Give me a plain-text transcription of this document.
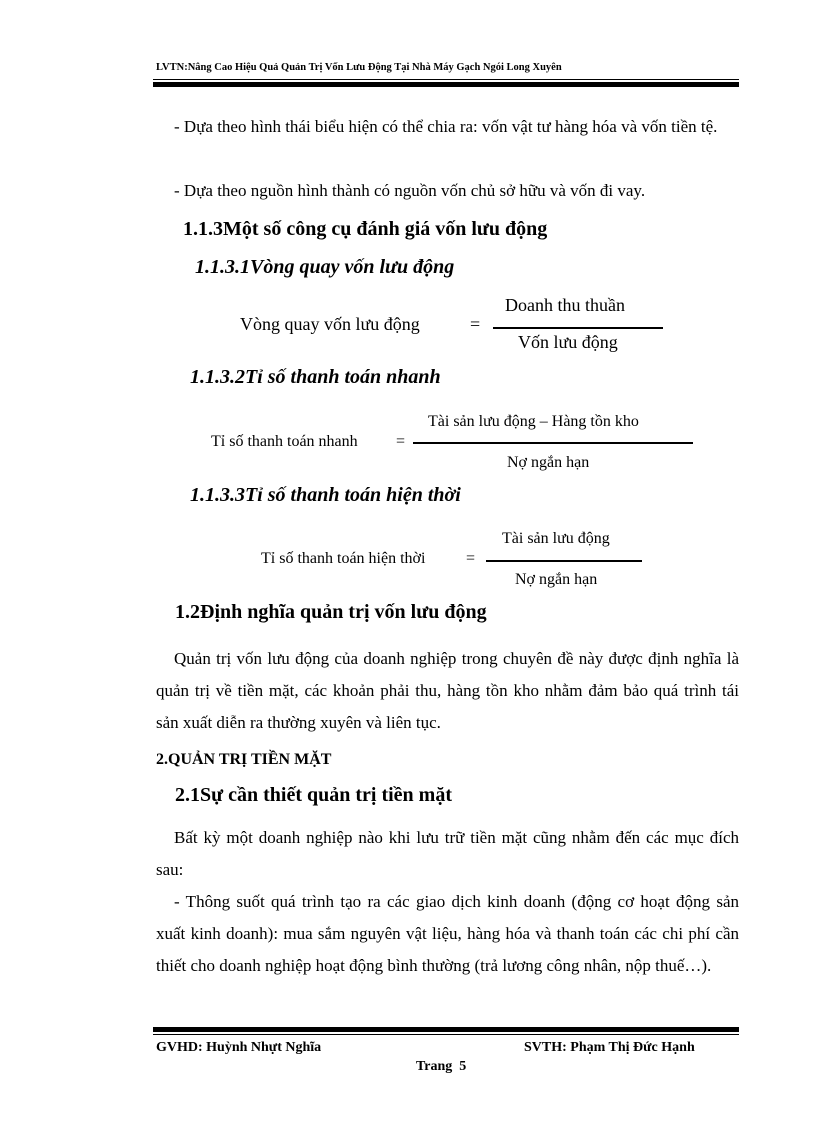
LVTN:Nâng Cao Hiệu Quả Quản Trị Vốn Lưu Động Tại Nhà Máy Gạch Ngói Long Xuyên
- Dựa theo hình thái biểu hiện có thể chia ra: vốn vật tư hàng hóa và vốn tiền tệ.
- Dựa theo nguồn hình thành có nguồn vốn chủ sở hữu và vốn đi vay.
1.1.3Một số công cụ đánh giá vốn lưu động
1.1.3.1Vòng quay vốn lưu động
Vòng quay vốn lưu động	=
Doanh thu thuần
Vốn lưu động
1.1.3.2Tỉ số thanh toán nhanh
Tài sản lưu động – Hàng tồn kho
Tỉ số thanh toán nhanh =
Nợ ngắn hạn
1.1.3.3Tỉ số thanh toán hiện thời
Tài sản lưu động
Tỉ số thanh toán hiện thời	=
Nợ ngắn hạn
1.2Định nghĩa quản trị vốn lưu động
Quản trị vốn lưu động của doanh nghiệp trong chuyên đề này được định nghĩa là quản trị về tiền mặt, các khoản phải thu, hàng tồn kho nhằm đảm bảo quá trình tái sản xuất diễn ra thường xuyên và liên tục.
2.QUẢN TRỊ TIỀN MẶT
2.1Sự cần thiết quản trị tiền mặt
Bất kỳ một doanh nghiệp nào khi lưu trữ tiền mặt cũng nhằm đến các mục đích sau:
- Thông suốt quá trình tạo ra các giao dịch kinh doanh (động cơ hoạt động sản xuất kinh doanh): mua sắm nguyên vật liệu, hàng hóa và thanh toán các chi phí cần thiết cho doanh nghiệp hoạt động bình thường (trả lương công nhân, nộp thuế…).
GVHD: Huỳnh Nhựt Nghĩa	SVTH: Phạm Thị Đức Hạnh
Trang  5
